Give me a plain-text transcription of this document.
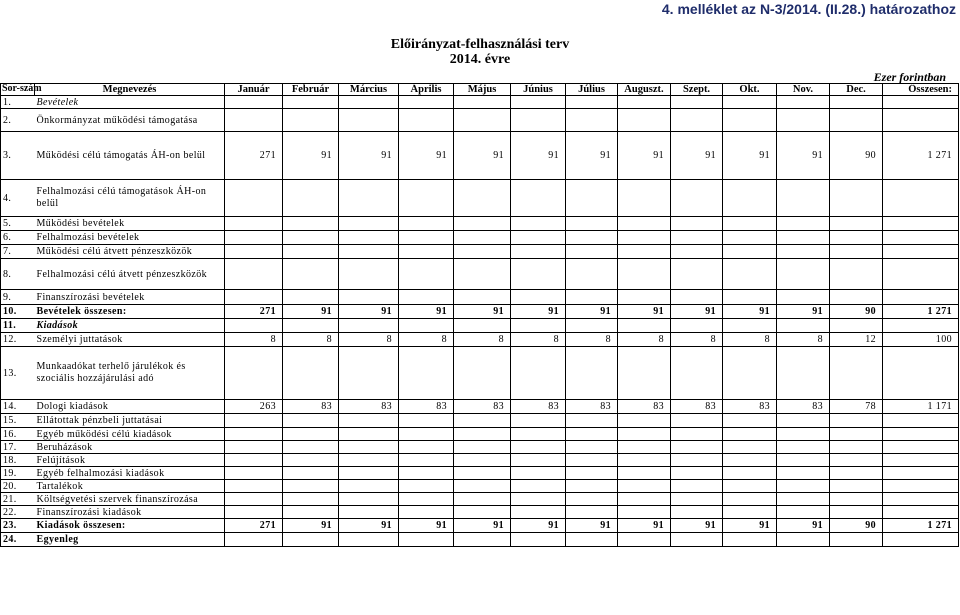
4. melléklet az N-3/2014. (II.28.) határozathoz
Előirányzat-felhasználási terv
2014. évre
Ezer forintban
Sor-szám	Megnevezés	Január	Február	Március	Április	Május	Június	Július	Auguszt.	Szept.	Okt.	Nov.	Dec.	Összesen:
1.	Bevételek													
2.	Önkormányzat működési támogatása													
3.	Működési célú támogatás ÁH-on belül	271	91	91	91	91	91	91	91	91	91	91	90	1 271
4.	Felhalmozási célú támogatások ÁH-on belül													
5.	Működési bevételek													
6.	Felhalmozási bevételek													
7.	Működési célú átvett pénzeszközök													
8.	Felhalmozási célú átvett pénzeszközök													
9.	Finanszírozási bevételek													
10.	Bevételek összesen:	271	91	91	91	91	91	91	91	91	91	91	90	1 271
11.	Kiadások													
12.	Személyi juttatások	8	8	8	8	8	8	8	8	8	8	8	12	100
13.	Munkaadókat terhelő járulékok és szociális hozzájárulási adó													
14.	Dologi kiadások	263	83	83	83	83	83	83	83	83	83	83	78	1 171
15.	Ellátottak pénzbeli juttatásai													
16.	Egyéb működési célú kiadások													
17.	Beruházások													
18.	Felújítások													
19.	Egyéb felhalmozási kiadások													
20.	Tartalékok													
21.	Költségvetési szervek finanszírozása													
22.	Finanszírozási kiadások													
23.	Kiadások összesen:	271	91	91	91	91	91	91	91	91	91	91	90	1 271
24.	Egyenleg													
